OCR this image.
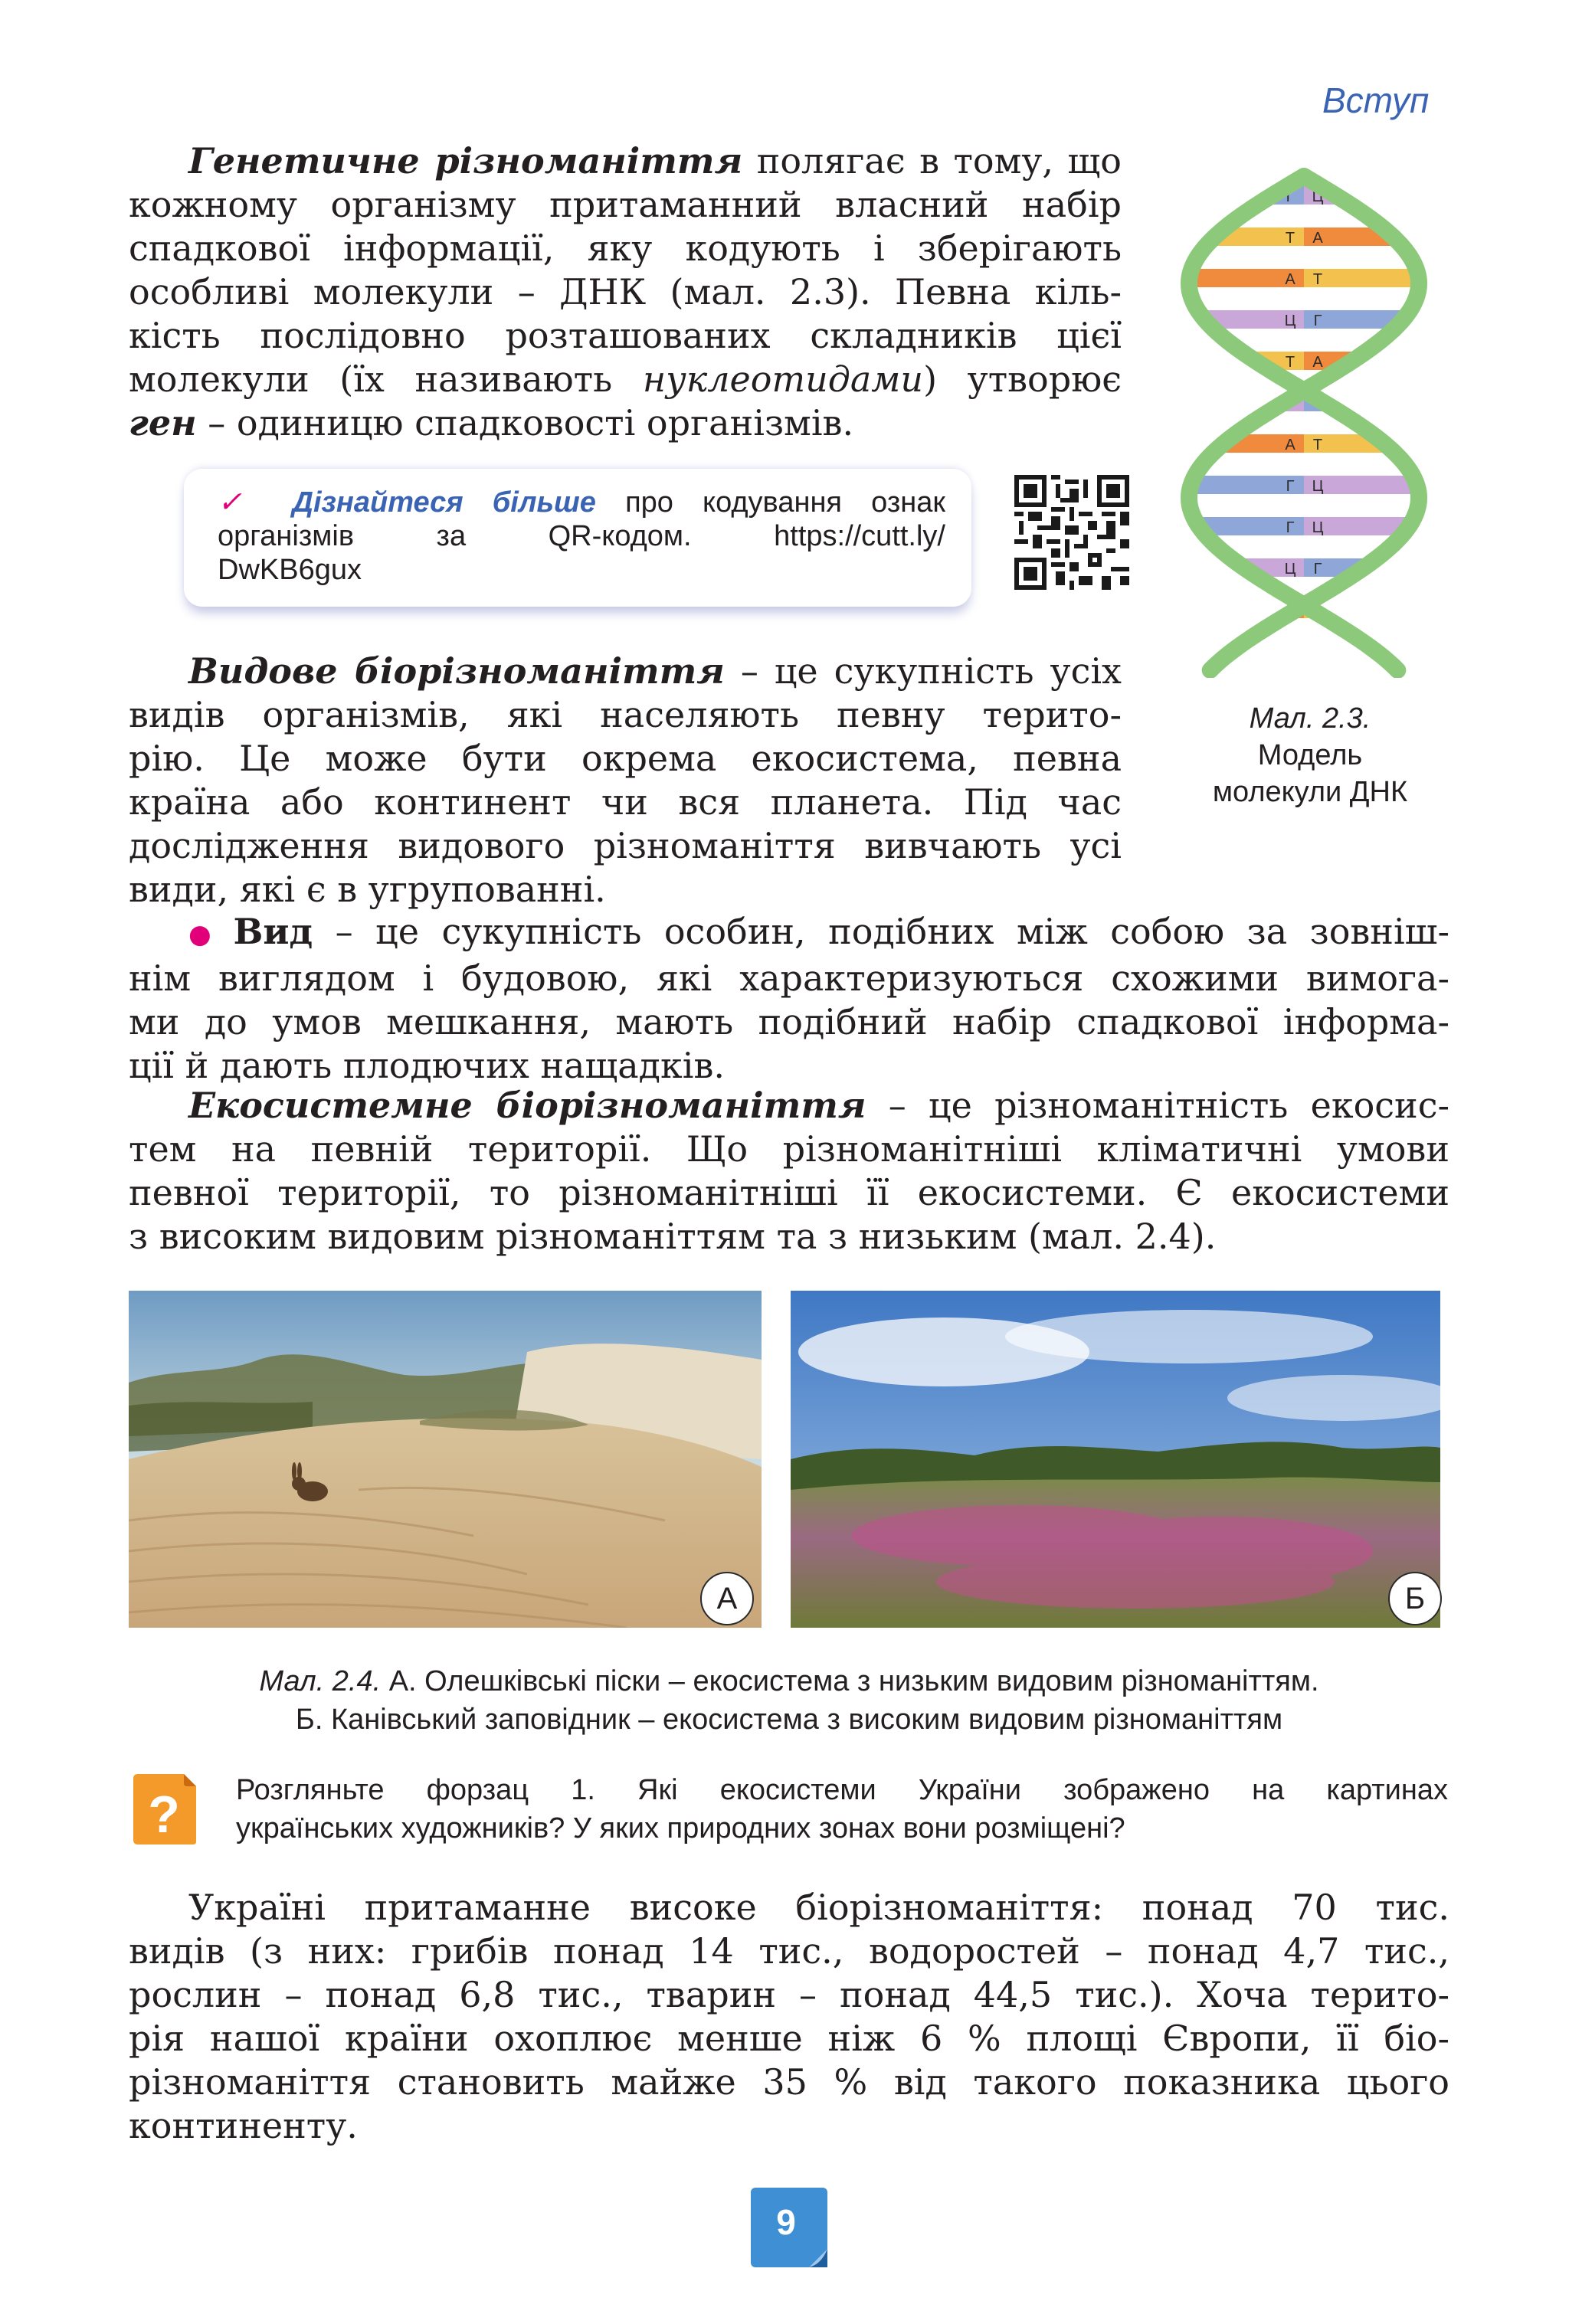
Вступ
Генетичне різноманіття полягає в тому, що
кожному організму притаманний власний набір
спадкової інформації, яку кодують і зберігають
особливі молекули – ДНК (мал. 2.3). Певна кіль-
кість послідовно розташованих складників цієї
молекули (їх називають нуклеотидами) утворює
ген – одиницю спадковості організмів.
✓ Дізнайтеся більше про кодування ознак
організмів за QR-кодом. https://cutt.ly/
DwKB6gux
Г Ц
Т А
А Т
Ц Г
Т А
А Т
Г Ц
Г Ц
Ц Г
Мал. 2.3.
Модель
молекули ДНК
Видове біорізноманіття – це сукупність усіх
видів організмів, які населяють певну терито-
рію. Це може бути окрема екосистема, певна
країна або континент чи вся планета. Під час
дослідження видового різноманіття вивчають усі
види, які є в угрупованні.
● Вид – це сукупність особин, подібних між собою за зовніш-
нім виглядом і будовою, які характеризуються схожими вимога-
ми до умов мешкання, мають подібний набір спадкової інформа-
ції й дають плодючих нащадків.
Екосистемне біорізноманіття – це різноманітність екосис-
тем на певній території. Що різноманітніші кліматичні умови
певної території, то різноманітніші її екосистеми. Є екосистеми
з високим видовим різноманіттям та з низьким (мал. 2.4).
А	Б
Мал. 2.4. А. Олешківські піски – екосистема з низьким видовим різноманіттям.
Б. Канівський заповідник – екосистема з високим видовим різноманіттям
? Розгляньте форзац 1. Які екосистеми України зображено на картинах
українських художників? У яких природних зонах вони розміщені?
Україні притаманне високе біорізноманіття: понад 70 тис.
видів (з них: грибів понад 14 тис., водоростей – понад 4,7 тис.,
рослин – понад 6,8 тис., тварин – понад 44,5 тис.). Хоча терито-
рія нашої країни охоплює менше ніж 6 % площі Європи, її біо-
різноманіття становить майже 35 % від такого показника цього
континенту.
9
